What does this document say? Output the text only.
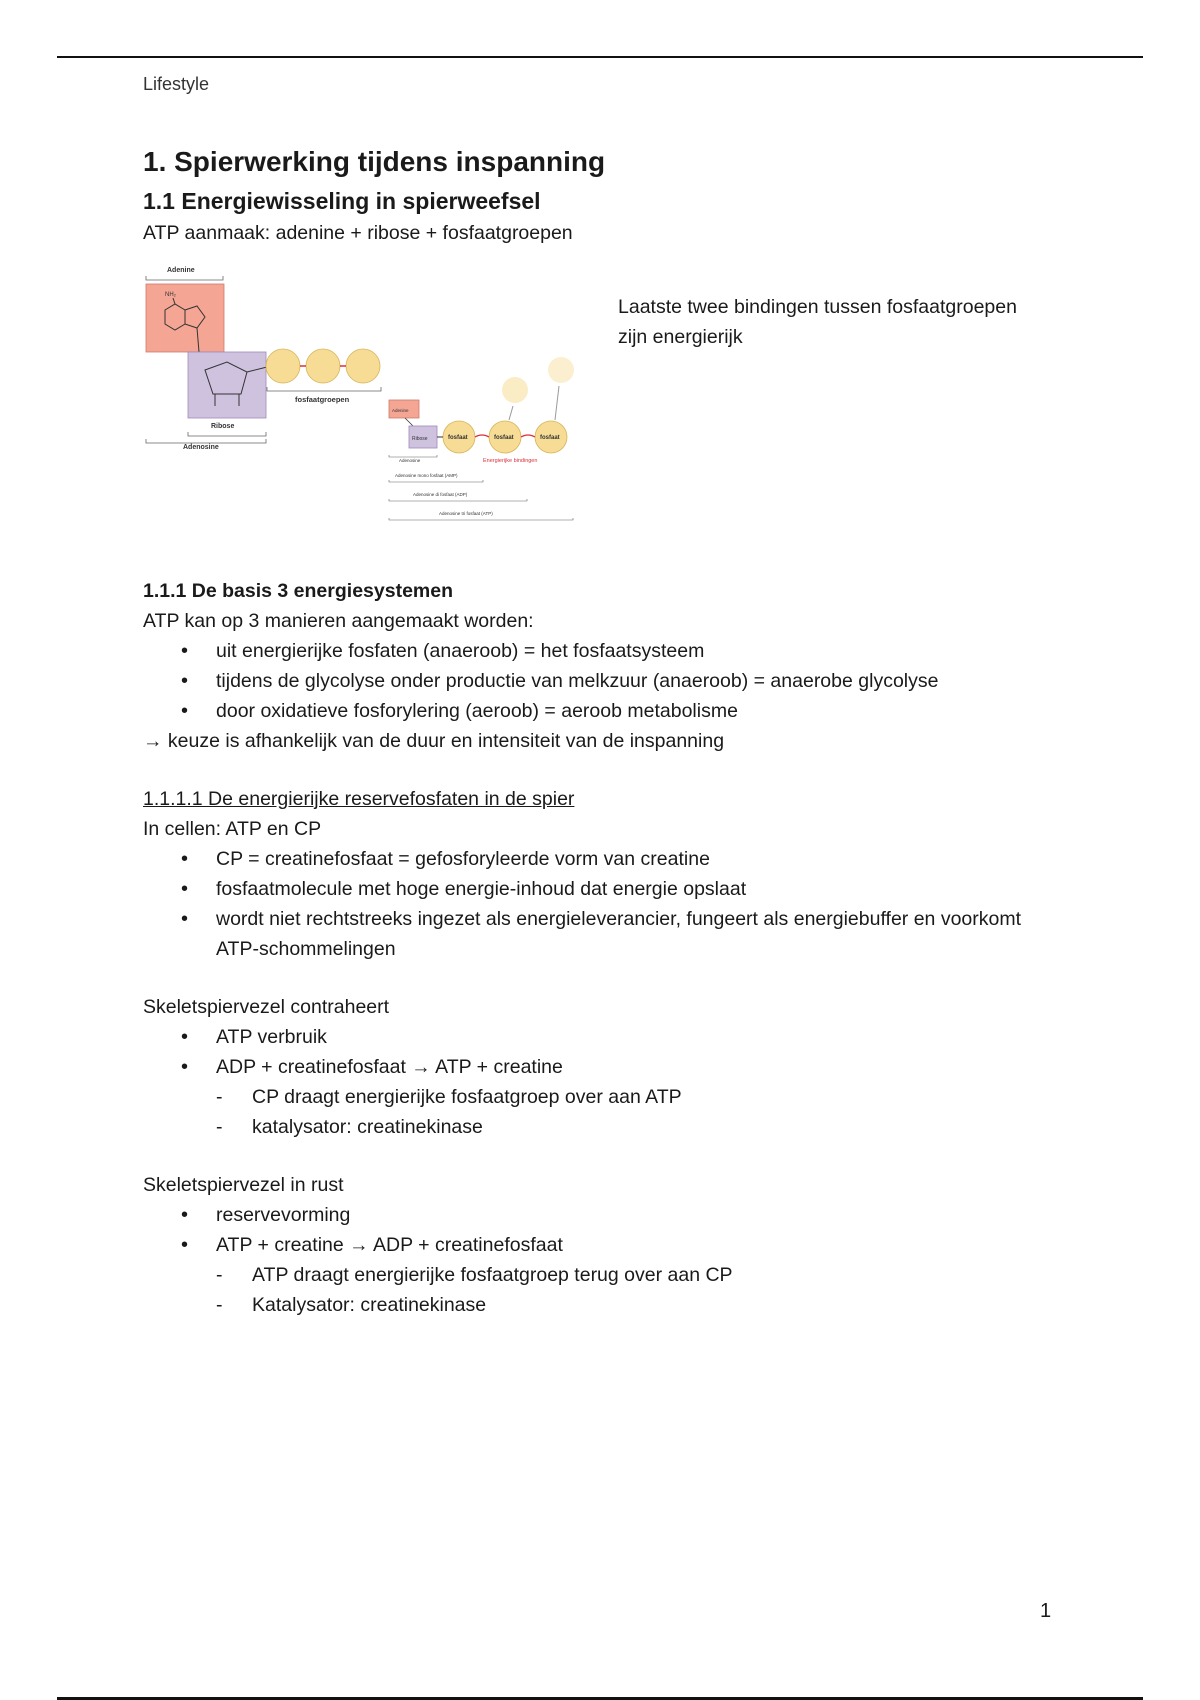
Lifestyle
1. Spierwerking tijdens inspanning
1.1 Energiewisseling in spierweefsel

ATP aanmaak: adenine + ribose + fosfaatgroepen

Adenine
NH₂
Ribose
Adenosine
fosfaatgroepen
Adenine
Ribose	fosfaat	fosfaat	fosfaat
Adenosine	Energierijke bindingen
Adenosine mono fosfaat (AMP)
Adenosine di fosfaat (ADP)
Adenosine tri fosfaat (ATP)

Laatste twee bindingen tussen fosfaatgroepen zijn energierijk

1.1.1 De basis 3 energiesystemen

ATP kan op 3 manieren aangemaakt worden:

• uit energierijke fosfaten (anaeroob) = het fosfaatsysteem
• tijdens de glycolyse onder productie van melkzuur (anaeroob) = anaerobe glycolyse
• door oxidatieve fosforylering (aeroob) = aeroob metabolisme

→ keuze is afhankelijk van de duur en intensiteit van de inspanning

1.1.1.1 De energierijke reservefosfaten in de spier

In cellen: ATP en CP

• CP = creatinefosfaat = gefosforyleerde vorm van creatine
• fosfaatmolecule met hoge energie-inhoud dat energie opslaat
• wordt niet rechtstreeks ingezet als energieleverancier, fungeert als energiebuffer en voorkomt ATP-schommelingen

Skeletspiervezel contraheert

• ATP verbruik
• ADP + creatinefosfaat → ATP + creatine
- CP draagt energierijke fosfaatgroep over aan ATP
- katalysator: creatinekinase

Skeletspiervezel in rust

• reservevorming
• ATP + creatine → ADP + creatinefosfaat
- ATP draagt energierijke fosfaatgroep terug over aan CP
- Katalysator: creatinekinase
1
